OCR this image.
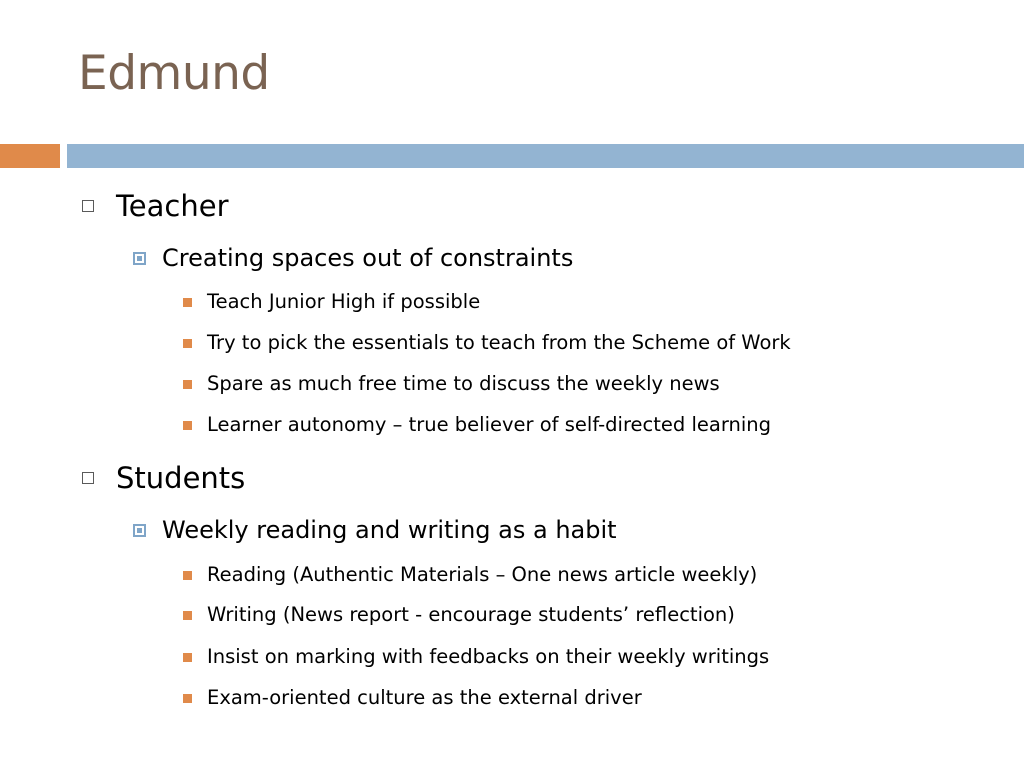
Edmund
Teacher
Creating spaces out of constraints
Teach Junior High if possible
Try to pick the essentials to teach from the Scheme of Work
Spare as much free time to discuss the weekly news
Learner autonomy – true believer of self-directed learning
Students
Weekly reading and writing as a habit
Reading (Authentic Materials – One news article weekly)
Writing (News report - encourage students’ reflection)
Insist on marking with feedbacks on their weekly writings
Exam-oriented culture as the external driver
